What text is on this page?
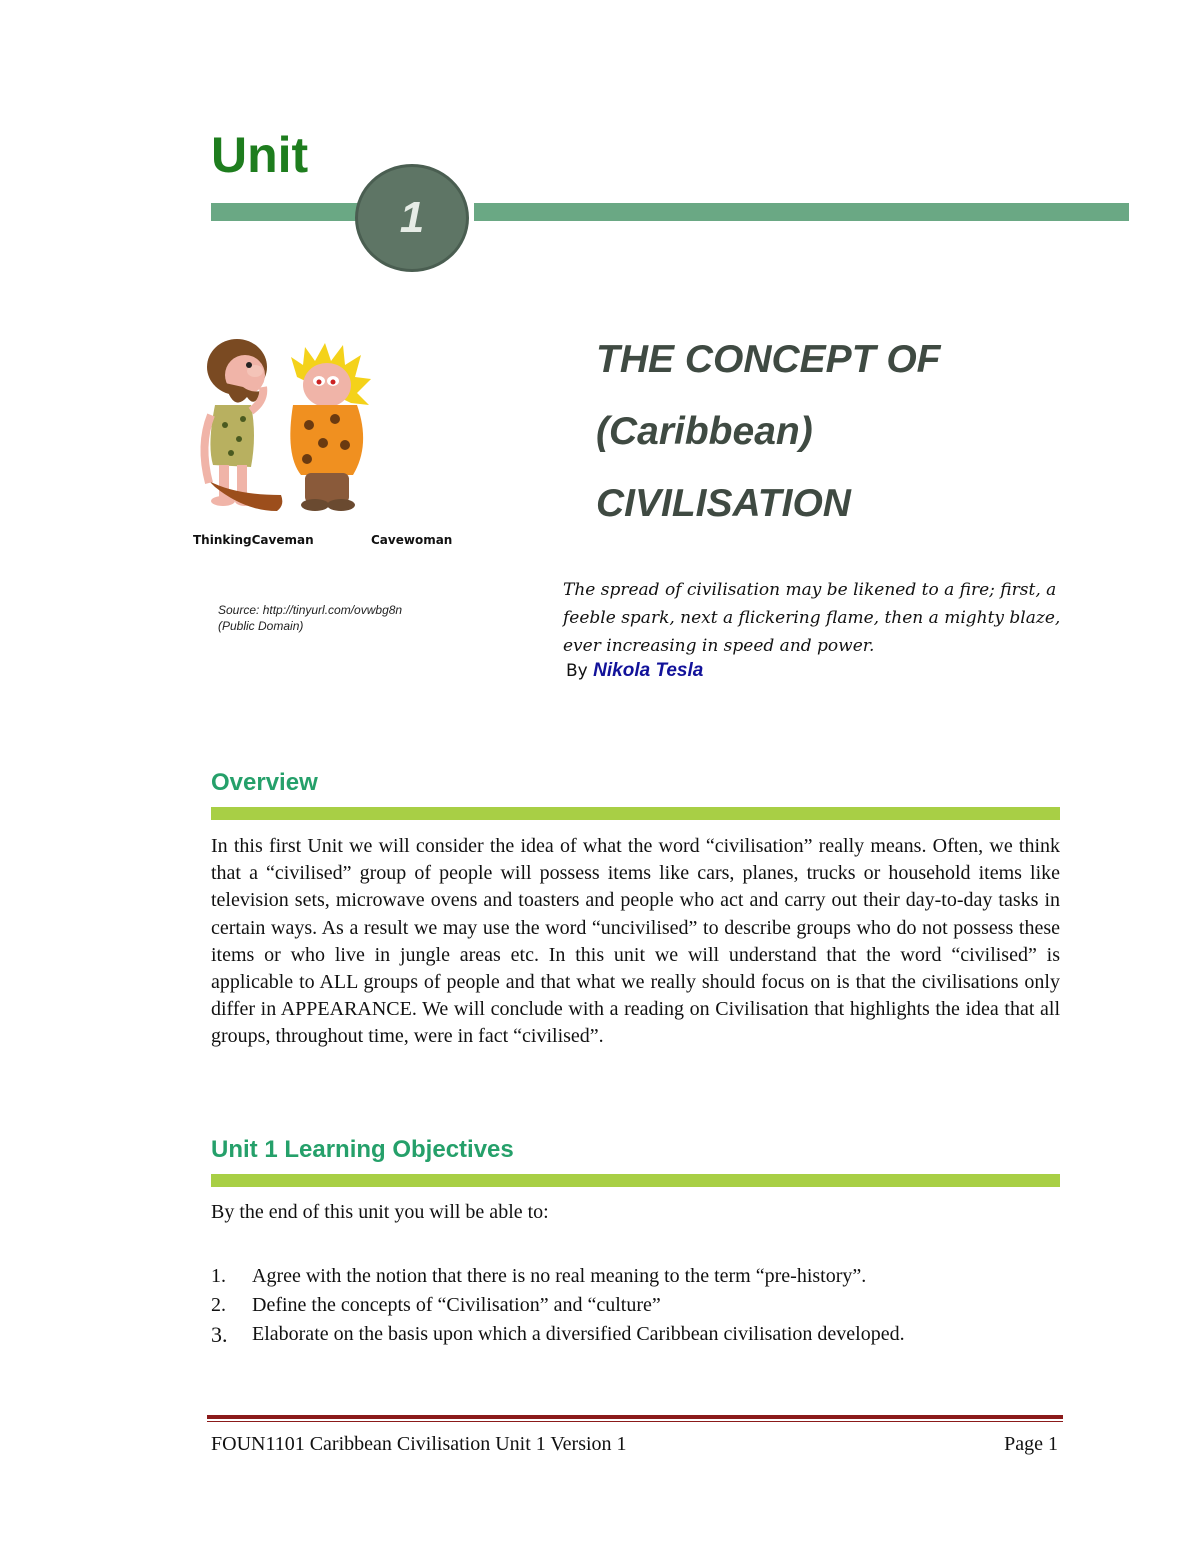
Unit
1
ThinkingCaveman	Cavewoman
Source: http://tinyurl.com/ovwbg8n
(Public Domain)
THE CONCEPT OF
(Caribbean)
CIVILISATION
The spread of civilisation may be likened to a fire; first, a feeble spark, next a flickering flame, then a mighty blaze, ever increasing in speed and power.
By Nikola Tesla
Overview
In this first Unit we will consider the idea of what the word “civilisation” really means. Often, we think that a “civilised” group of people will possess items like cars, planes, trucks or household items like television sets, microwave ovens and toasters and people who act and carry out their day-to-day tasks in certain ways. As a result we may use the word “uncivilised” to describe groups who do not possess these items or who live in jungle areas etc. In this unit we will understand that the word “civilised” is applicable to ALL groups of people and that what we really should focus on is that the civilisations only differ in APPEARANCE. We will conclude with a reading on Civilisation that highlights the idea that all groups, throughout time, were in fact “civilised”.
Unit 1 Learning Objectives
By the end of this unit you will be able to:
1.	Agree with the notion that there is no real meaning to the term “pre-history”.
2.	Define the concepts of “Civilisation” and “culture”
3.	Elaborate on the basis upon which a diversified Caribbean civilisation developed.
FOUN1101 Caribbean Civilisation Unit 1 Version 1	Page 1
